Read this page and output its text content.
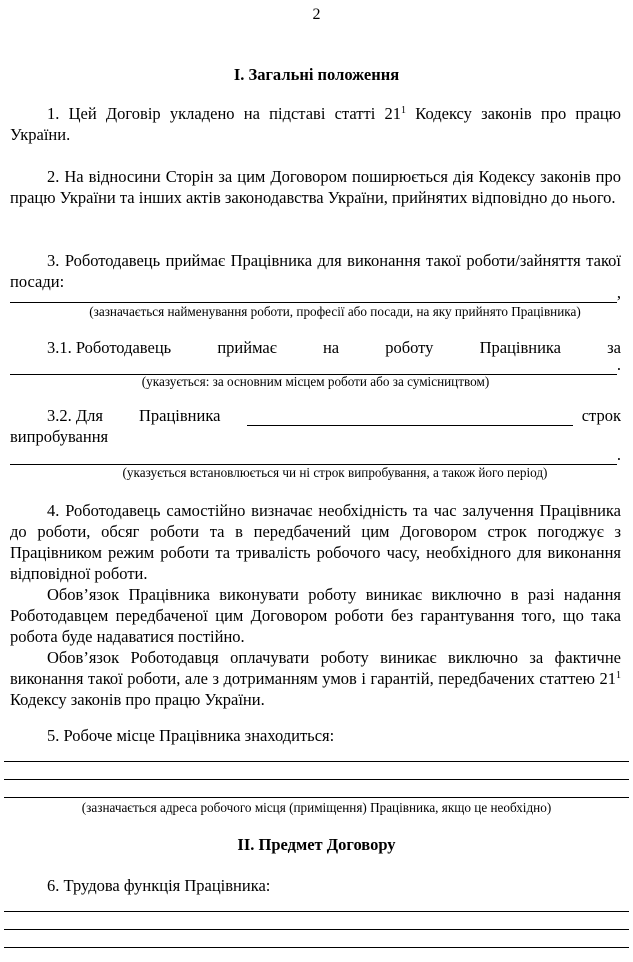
2
І. Загальні положення

1. Цей Договір укладено на підставі статті $21^1$ Кодексу законів про працю України.

2. На відносини Сторін за цим Договором поширюється дія Кодексу законів про працю України та інших актів законодавства України, прийнятих відповідно до нього.

3. Роботодавець приймає Працівника для виконання такої роботи/зайняття такої посади:

,
(зазначається найменування роботи, професії або посади, на яку прийнято Працівника)
3.1. Роботодавець	приймає	на	роботу	Працівника	за
.
(указується: за основним місцем роботи або за сумісництвом)
3.2. Для Працівника	строк
випробування
.
(указується встановлюється чи ні строк випробування, а також його період)

4. Роботодавець самостійно визначає необхідність та час залучення Працівника до роботи, обсяг роботи та в передбачений цим Договором строк погоджує з Працівником режим роботи та тривалість робочого часу, необхідного для виконання відповідної роботи.

Обов’язок Працівника виконувати роботу виникає виключно в разі надання Роботодавцем передбаченої цим Договором роботи без гарантування того, що така робота буде надаватися постійно.

Обов’язок Роботодавця оплачувати роботу виникає виключно за фактичне виконання такої роботи, але з дотриманням умов і гарантій, передбачених статтею $21^1$ Кодексу законів про працю України.

5. Робоче місце Працівника знаходиться:

(зазначається адреса робочого місця (приміщення) Працівника, якщо це необхідно)
ІІ. Предмет Договору

6. Трудова функція Працівника:
